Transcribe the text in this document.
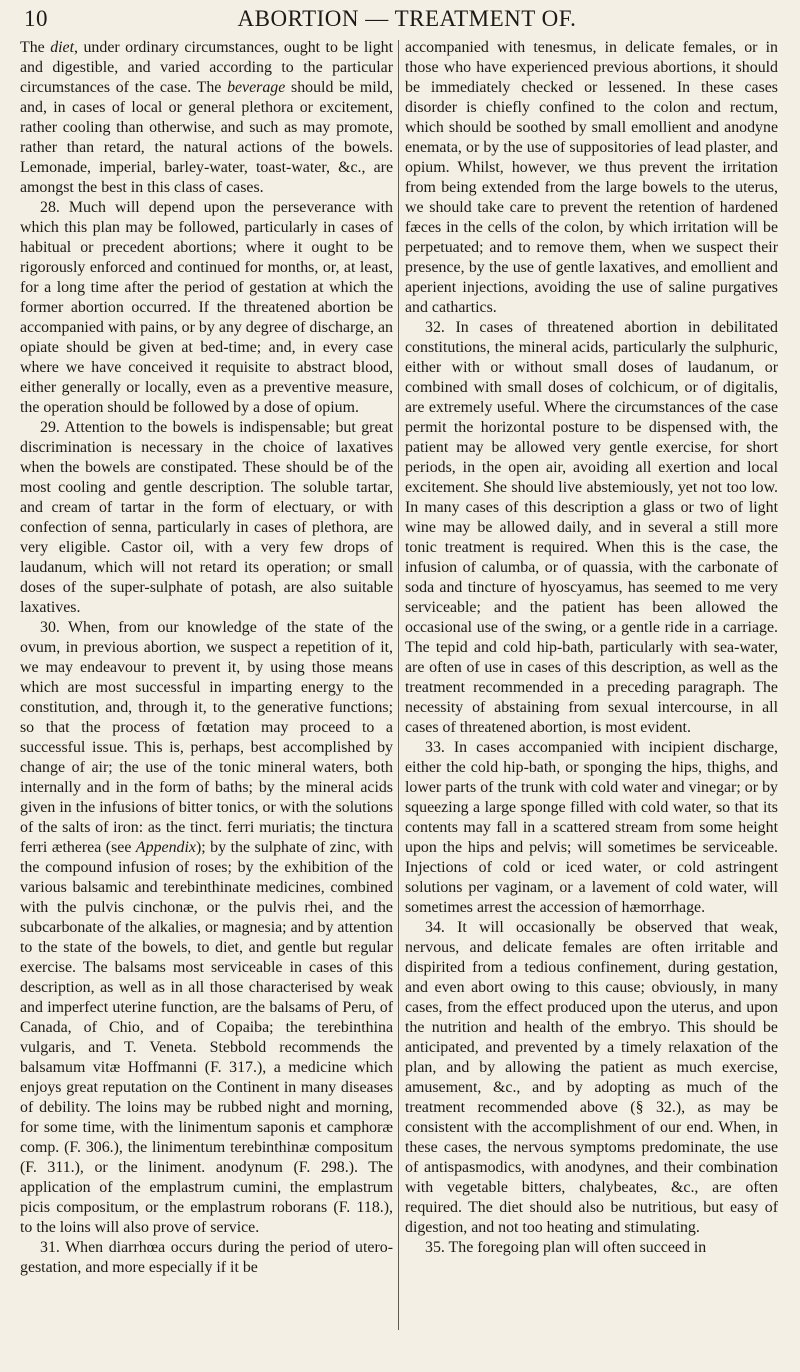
10	ABORTION — TREATMENT OF.

The diet, under ordinary circumstances, ought to be light and digestible, and varied according to the particular circumstances of the case. The beverage should be mild, and, in cases of local or general plethora or excitement, rather cooling than otherwise, and such as may promote, rather than retard, the natural actions of the bowels. Lemonade, imperial, barley-water, toast-water, &c., are amongst the best in this class of cases.

28. Much will depend upon the perseverance with which this plan may be followed, particularly in cases of habitual or precedent abortions; where it ought to be rigorously enforced and continued for months, or, at least, for a long time after the period of gestation at which the former abortion occurred. If the threatened abortion be accompanied with pains, or by any degree of discharge, an opiate should be given at bed-time; and, in every case where we have conceived it requisite to abstract blood, either generally or locally, even as a preventive measure, the operation should be followed by a dose of opium.

29. Attention to the bowels is indispensable; but great discrimination is necessary in the choice of laxatives when the bowels are constipated. These should be of the most cooling and gentle description. The soluble tartar, and cream of tartar in the form of electuary, or with confection of senna, particularly in cases of plethora, are very eligible. Castor oil, with a very few drops of laudanum, which will not retard its operation; or small doses of the super-sulphate of potash, are also suitable laxatives.

30. When, from our knowledge of the state of the ovum, in previous abortion, we suspect a repetition of it, we may endeavour to prevent it, by using those means which are most successful in imparting energy to the constitution, and, through it, to the generative functions; so that the process of fœtation may proceed to a successful issue. This is, perhaps, best accomplished by change of air; the use of the tonic mineral waters, both internally and in the form of baths; by the mineral acids given in the infusions of bitter tonics, or with the solutions of the salts of iron: as the tinct. ferri muriatis; the tinctura ferri ætherea (see Appendix); by the sulphate of zinc, with the compound infusion of roses; by the exhibition of the various balsamic and terebinthinate medicines, combined with the pulvis cinchonæ, or the pulvis rhei, and the subcarbonate of the alkalies, or magnesia; and by attention to the state of the bowels, to diet, and gentle but regular exercise. The balsams most serviceable in cases of this description, as well as in all those characterised by weak and imperfect uterine function, are the balsams of Peru, of Canada, of Chio, and of Copaiba; the terebinthina vulgaris, and T. Veneta. Stebbold recommends the balsamum vitæ Hoffmanni (F. 317.), a medicine which enjoys great reputation on the Continent in many diseases of debility. The loins may be rubbed night and morning, for some time, with the linimentum saponis et camphoræ comp. (F. 306.), the linimentum terebinthinæ compositum (F. 311.), or the liniment. anodynum (F. 298.). The application of the emplastrum cumini, the emplastrum picis compositum, or the emplastrum roborans (F. 118.), to the loins will also prove of service.

31. When diarrhœa occurs during the period of utero-gestation, and more especially if it be

accompanied with tenesmus, in delicate females, or in those who have experienced previous abortions, it should be immediately checked or lessened. In these cases disorder is chiefly confined to the colon and rectum, which should be soothed by small emollient and anodyne enemata, or by the use of suppositories of lead plaster, and opium. Whilst, however, we thus prevent the irritation from being extended from the large bowels to the uterus, we should take care to prevent the retention of hardened fæces in the cells of the colon, by which irritation will be perpetuated; and to remove them, when we suspect their presence, by the use of gentle laxatives, and emollient and aperient injections, avoiding the use of saline purgatives and cathartics.

32. In cases of threatened abortion in debilitated constitutions, the mineral acids, particularly the sulphuric, either with or without small doses of laudanum, or combined with small doses of colchicum, or of digitalis, are extremely useful. Where the circumstances of the case permit the horizontal posture to be dispensed with, the patient may be allowed very gentle exercise, for short periods, in the open air, avoiding all exertion and local excitement. She should live abstemiously, yet not too low. In many cases of this description a glass or two of light wine may be allowed daily, and in several a still more tonic treatment is required. When this is the case, the infusion of calumba, or of quassia, with the carbonate of soda and tincture of hyoscyamus, has seemed to me very serviceable; and the patient has been allowed the occasional use of the swing, or a gentle ride in a carriage. The tepid and cold hip-bath, particularly with sea-water, are often of use in cases of this description, as well as the treatment recommended in a preceding paragraph. The necessity of abstaining from sexual intercourse, in all cases of threatened abortion, is most evident.

33. In cases accompanied with incipient discharge, either the cold hip-bath, or sponging the hips, thighs, and lower parts of the trunk with cold water and vinegar; or by squeezing a large sponge filled with cold water, so that its contents may fall in a scattered stream from some height upon the hips and pelvis; will sometimes be serviceable. Injections of cold or iced water, or cold astringent solutions per vaginam, or a lavement of cold water, will sometimes arrest the accession of hæmorrhage.

34. It will occasionally be observed that weak, nervous, and delicate females are often irritable and dispirited from a tedious confinement, during gestation, and even abort owing to this cause; obviously, in many cases, from the effect produced upon the uterus, and upon the nutrition and health of the embryo. This should be anticipated, and prevented by a timely relaxation of the plan, and by allowing the patient as much exercise, amusement, &c., and by adopting as much of the treatment recommended above (§ 32.), as may be consistent with the accomplishment of our end. When, in these cases, the nervous symptoms predominate, the use of antispasmodics, with anodynes, and their combination with vegetable bitters, chalybeates, &c., are often required. The diet should also be nutritious, but easy of digestion, and not too heating and stimulating.

35. The foregoing plan will often succeed in
